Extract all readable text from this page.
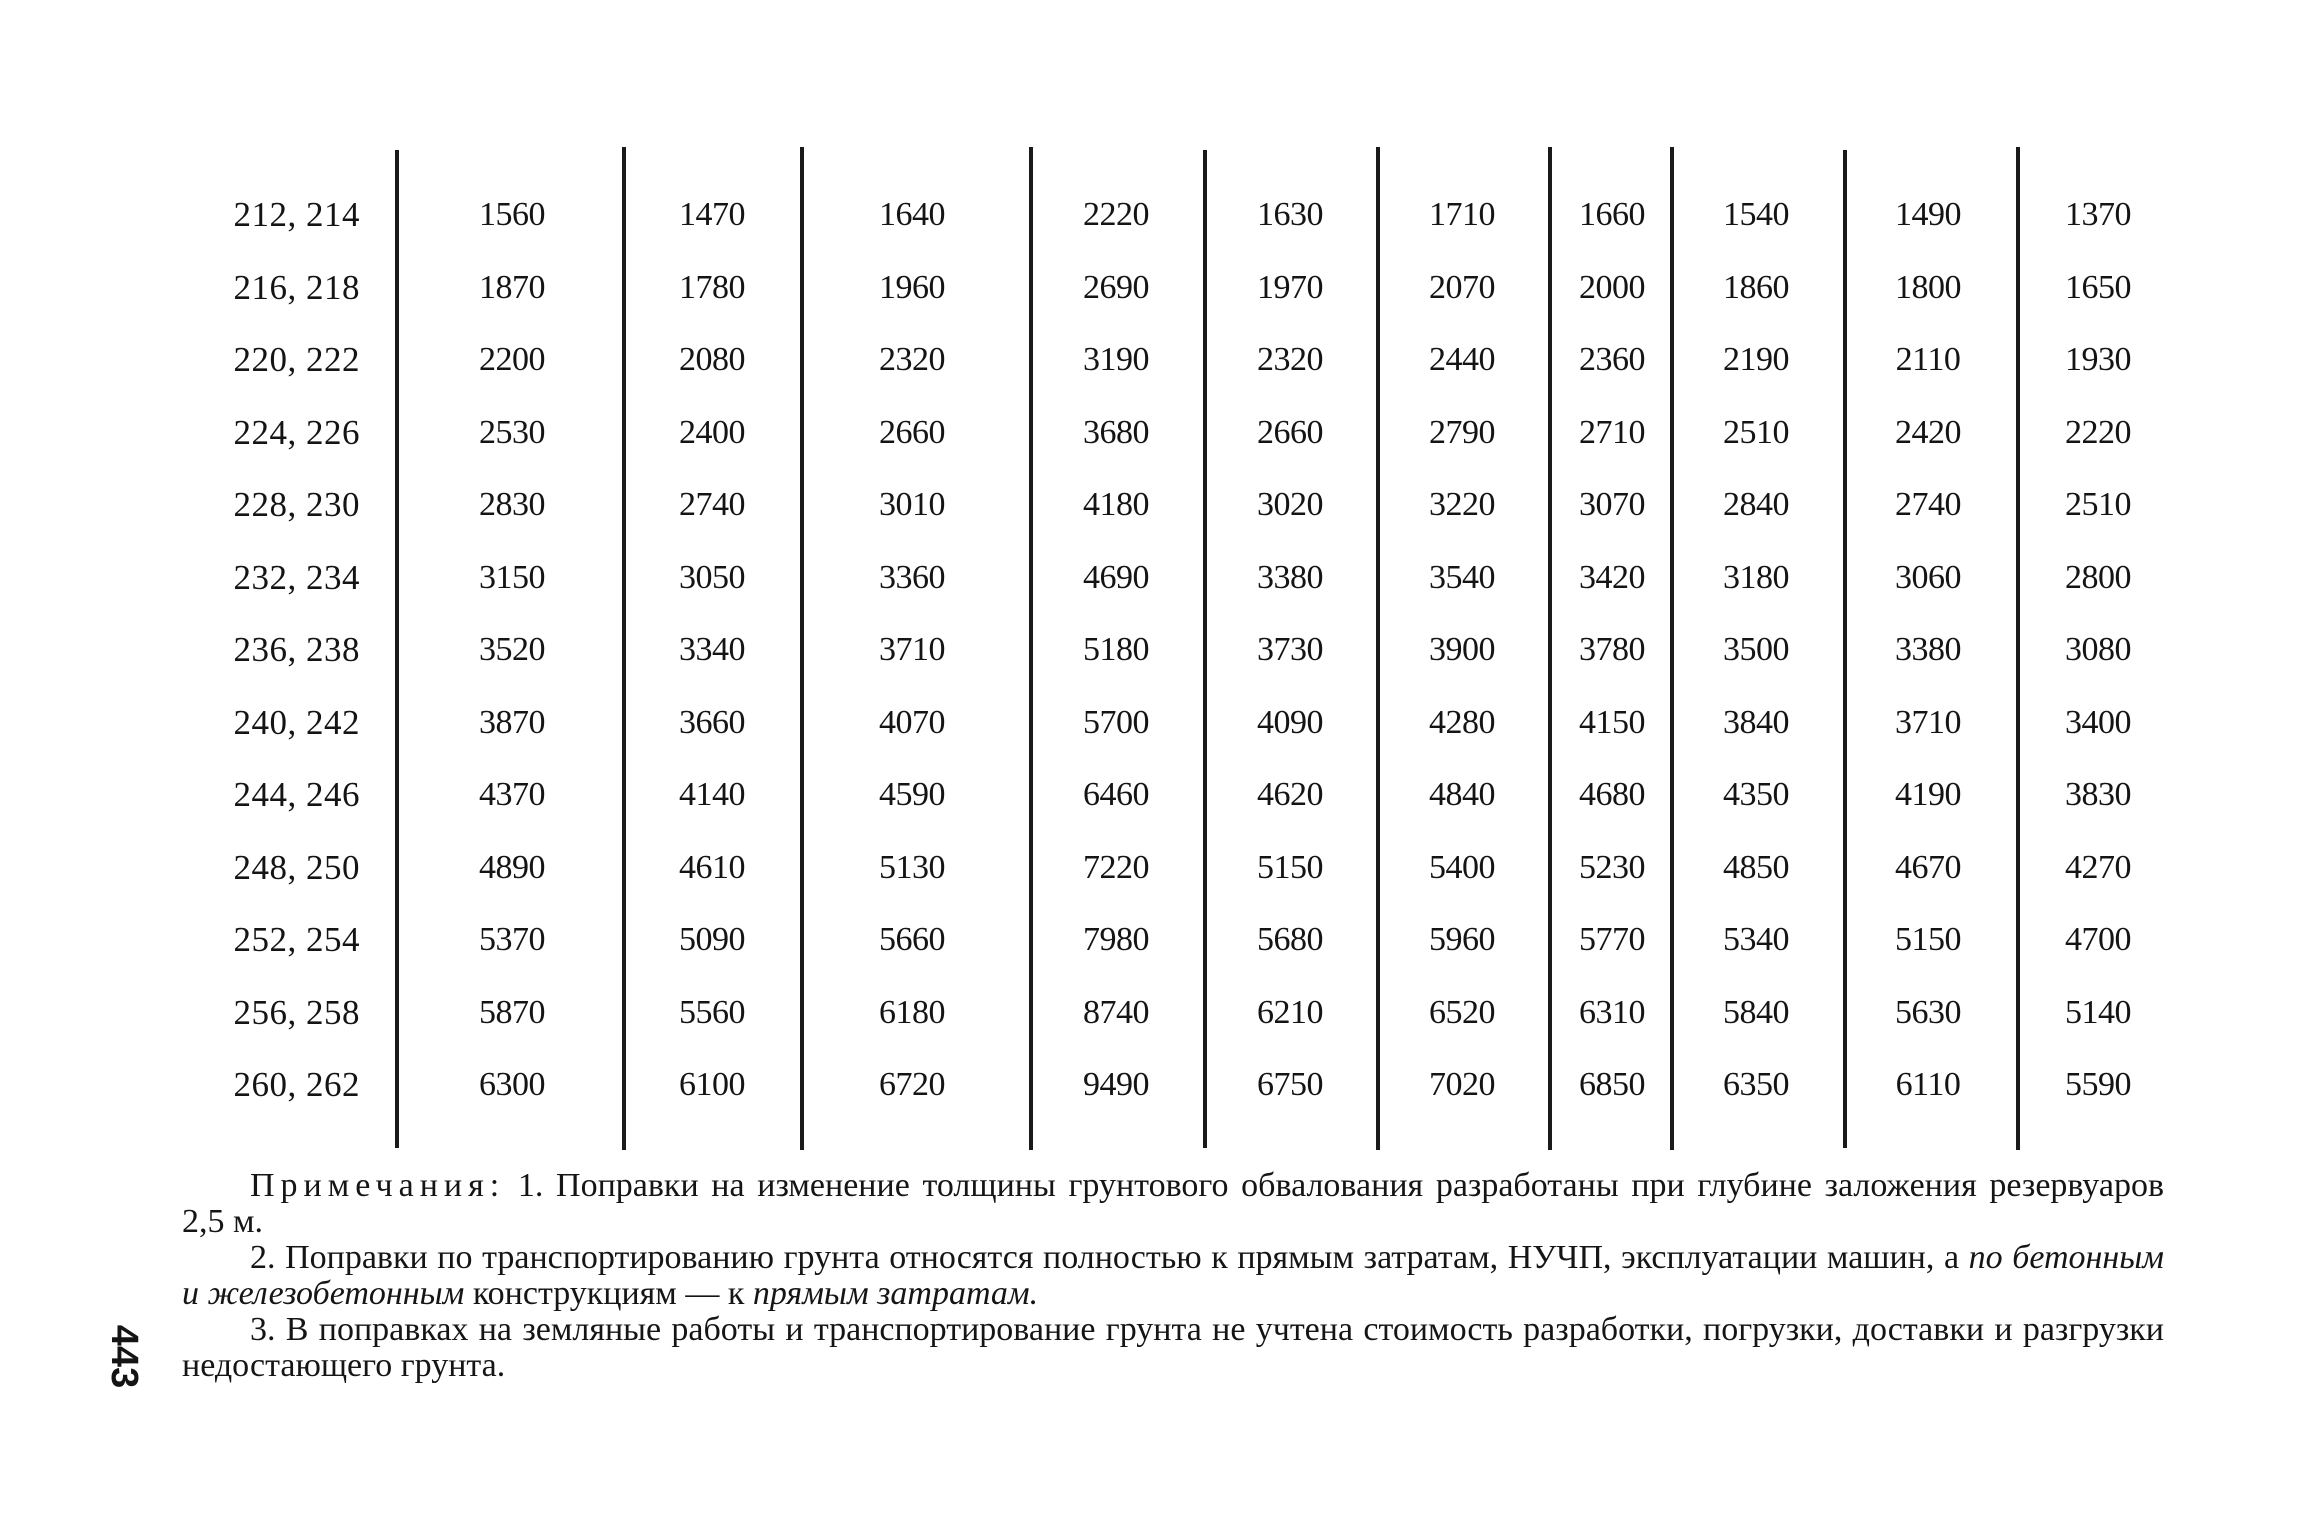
212, 214	1560	1470	1640	2220	1630	1710	1660	1540	1490	1370
216, 218	1870	1780	1960	2690	1970	2070	2000	1860	1800	1650
220, 222	2200	2080	2320	3190	2320	2440	2360	2190	2110	1930
224, 226	2530	2400	2660	3680	2660	2790	2710	2510	2420	2220
228, 230	2830	2740	3010	4180	3020	3220	3070	2840	2740	2510
232, 234	3150	3050	3360	4690	3380	3540	3420	3180	3060	2800
236, 238	3520	3340	3710	5180	3730	3900	3780	3500	3380	3080
240, 242	3870	3660	4070	5700	4090	4280	4150	3840	3710	3400
244, 246	4370	4140	4590	6460	4620	4840	4680	4350	4190	3830
248, 250	4890	4610	5130	7220	5150	5400	5230	4850	4670	4270
252, 254	5370	5090	5660	7980	5680	5960	5770	5340	5150	4700
256, 258	5870	5560	6180	8740	6210	6520	6310	5840	5630	5140
260, 262	6300	6100	6720	9490	6750	7020	6850	6350	6110	5590

Примечания: 1. Поправки на изменение толщины грунтового обвалования разработаны при глубине заложения резервуаров 2,5 м.

2. Поправки по транспортированию грунта относятся полностью к прямым затратам, НУЧП, эксплуатации машин, а по бетонным и железобетонным конструкциям — к прямым затратам.

3. В поправках на земляные работы и транспортирование грунта не учтена стоимость разработки, погрузки, доставки и разгрузки недостающего грунта.

443
